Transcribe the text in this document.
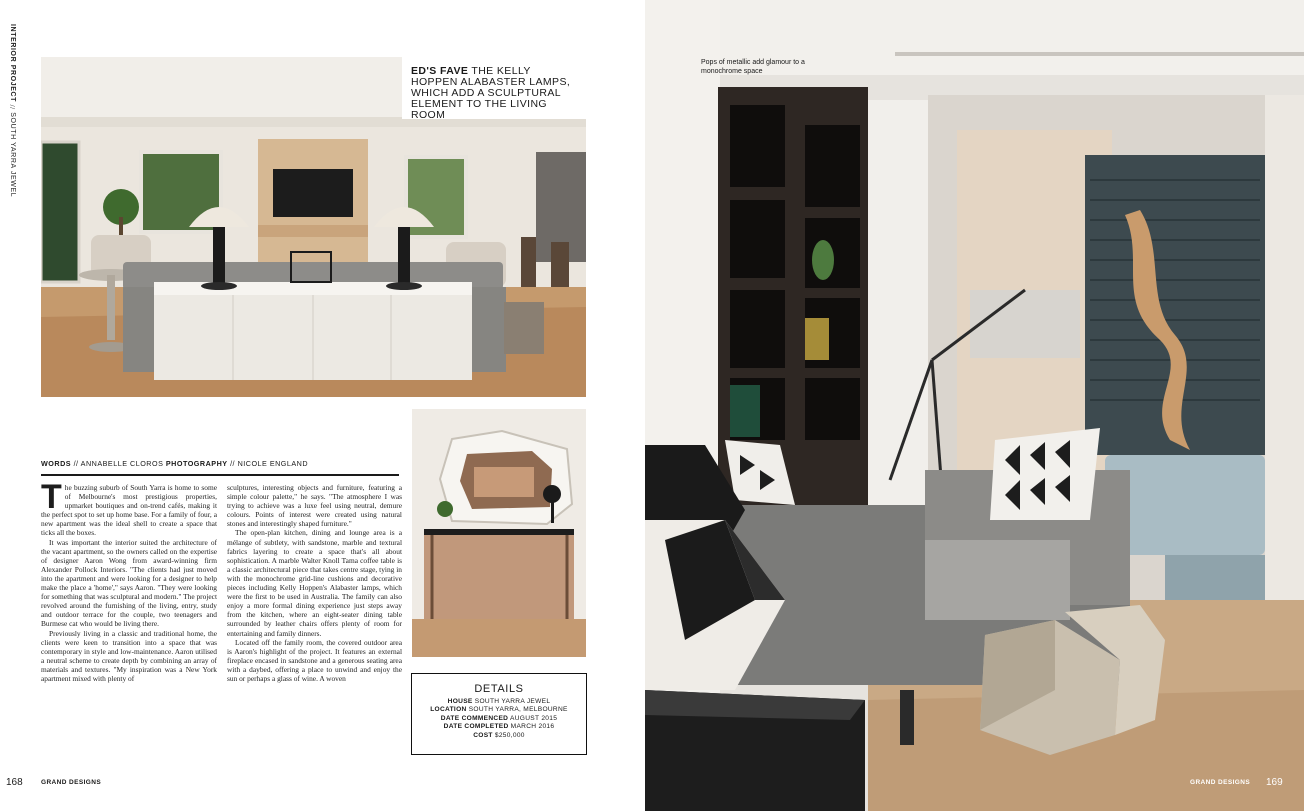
INTERIOR PROJECT // SOUTH YARRA JEWEL
ED'S FAVE THE KELLY HOPPEN ALABASTER LAMPS, WHICH ADD A SCULPTURAL ELEMENT TO THE LIVING ROOM
WORDS // ANNABELLE CLOROS PHOTOGRAPHY // NICOLE ENGLAND

The buzzing suburb of South Yarra is home to some of Melbourne's most prestigious properties, upmarket boutiques and on-trend cafés, making it the perfect spot to set up home base. For a family of four, a new apartment was the ideal shell to create a space that ticks all the boxes.

It was important the interior suited the architecture of the vacant apartment, so the owners called on the expertise of designer Aaron Wong from award-winning firm Alexander Pollock Interiors. "The clients had just moved into the apartment and were looking for a designer to help make the place a 'home'," says Aaron. "They were looking for something that was sculptural and modern." The project revolved around the furnishing of the living, entry, study and outdoor terrace for the couple, two teenagers and Burmese cat who would be living there.

Previously living in a classic and traditional home, the clients were keen to transition into a space that was contemporary in style and low-maintenance. Aaron utilised a neutral scheme to create depth by combining an array of materials and textures. "My inspiration was a New York apartment mixed with plenty of

sculptures, interesting objects and furniture, featuring a simple colour palette," he says. "The atmosphere I was trying to achieve was a luxe feel using neutral, demure colours. Points of interest were created using natural stones and interestingly shaped furniture."

The open-plan kitchen, dining and lounge area is a mélange of subtlety, with sandstone, marble and textural fabrics layering to create a space that's all about sophistication. A marble Walter Knoll Tama coffee table is a classic architectural piece that takes centre stage, tying in with the monochrome grid-line cushions and decorative pieces including Kelly Hoppen's Alabaster lamps, which were the first to be used in Australia. The family can also enjoy a more formal dining experience just steps away from the kitchen, where an eight-seater dining table surrounded by leather chairs offers plenty of room for entertaining and family dinners.

Located off the family room, the covered outdoor area is Aaron's highlight of the project. It features an external fireplace encased in sandstone and a generous seating area with a daybed, offering a place to unwind and enjoy the sun or perhaps a glass of wine. A woven

DETAILS
HOUSE SOUTH YARRA JEWEL
LOCATION SOUTH YARRA, MELBOURNE
DATE COMMENCED AUGUST 2015
DATE COMPLETED MARCH 2016
COST $250,000
168	GRAND DESIGNS
Pops of metallic add glamour to a monochrome space
GRAND DESIGNS 169
